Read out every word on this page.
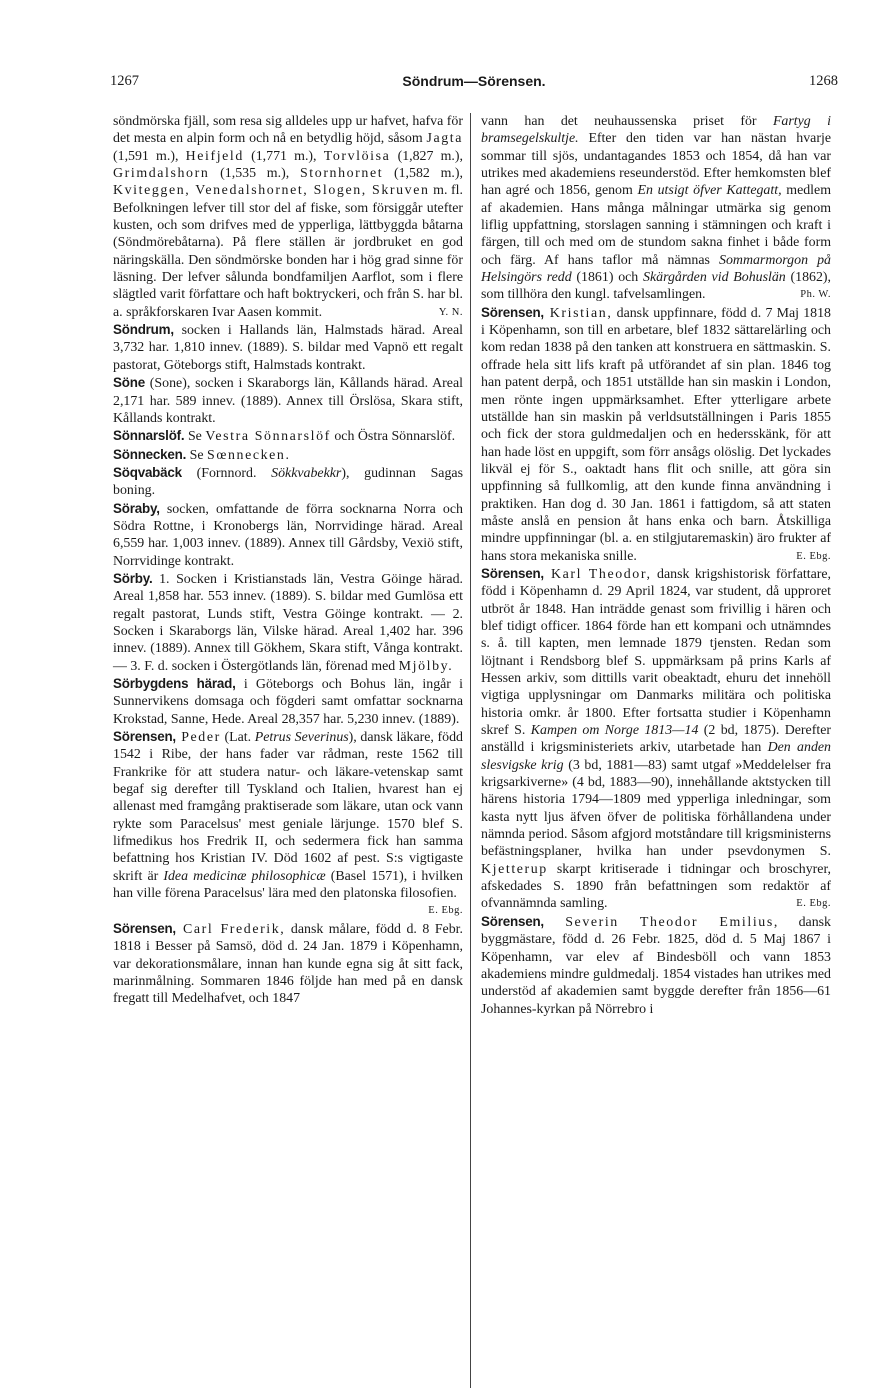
1267	Söndrum—Sörensen.	1268

söndmörska fjäll, som resa sig alldeles upp ur hafvet, hafva för det mesta en alpin form och nå en betydlig höjd, såsom Jagta (1,591 m.), Heifjeld (1,771 m.), Torvlöisa (1,827 m.), Grimdalshorn (1,535 m.), Stornhornet (1,582 m.), Kviteggen, Venedalshornet, Slogen, Skruven m. fl. Befolkningen lefver till stor del af fiske, som försiggår utefter kusten, och som drifves med de ypperliga, lättbyggda båtarna (Söndmörebåtarna). På flere ställen är jordbruket en god näringskälla. Den söndmörske bonden har i hög grad sinne för läsning. Der lefver sålunda bondfamiljen Aarflot, som i flere slägtled varit författare och haft boktryckeri, och från S. har bl. a. språkforskaren Ivar Aasen kommit.	Y. N.

Söndrum, socken i Hallands län, Halmstads härad. Areal 3,732 har. 1,810 innev. (1889). S. bildar med Vapnö ett regalt pastorat, Göteborgs stift, Halmstads kontrakt.

Söne (Sone), socken i Skaraborgs län, Kållands härad. Areal 2,171 har. 589 innev. (1889). Annex till Örslösa, Skara stift, Kållands kontrakt.

Sönnarslöf. Se Vestra Sönnarslöf och Östra Sönnarslöf.

Sönnecken. Se Sœnnecken.

Söqvabäck (Fornnord. Sökkvabekkr), gudinnan Sagas boning.

Söraby, socken, omfattande de förra socknarna Norra och Södra Rottne, i Kronobergs län, Norrvidinge härad. Areal 6,559 har. 1,003 innev. (1889). Annex till Gårdsby, Vexiö stift, Norrvidinge kontrakt.

Sörby. 1. Socken i Kristianstads län, Vestra Göinge härad. Areal 1,858 har. 553 innev. (1889). S. bildar med Gumlösa ett regalt pastorat, Lunds stift, Vestra Göinge kontrakt. — 2. Socken i Skaraborgs län, Vilske härad. Areal 1,402 har. 396 innev. (1889). Annex till Gökhem, Skara stift, Vånga kontrakt. — 3. F. d. socken i Östergötlands län, förenad med Mjölby.

Sörbygdens härad, i Göteborgs och Bohus län, ingår i Sunnervikens domsaga och fögderi samt omfattar socknarna Krokstad, Sanne, Hede. Areal 28,357 har. 5,230 innev. (1889).

Sörensen, Peder (Lat. Petrus Severinus), dansk läkare, född 1542 i Ribe, der hans fader var rådman, reste 1562 till Frankrike för att studera natur- och läkare-vetenskap samt begaf sig derefter till Tyskland och Italien, hvarest han ej allenast med framgång praktiserade som läkare, utan ock vann rykte som Paracelsus' mest geniale lärjunge. 1570 blef S. lifmedikus hos Fredrik II, och sedermera fick han samma befattning hos Kristian IV. Död 1602 af pest. S:s vigtigaste skrift är Idea medicinæ philosophicæ (Basel 1571), i hvilken han ville förena Paracelsus' lära med den platonska filosofien.
E. Ebg.

Sörensen, Carl Frederik, dansk målare, född d. 8 Febr. 1818 i Besser på Samsö, död d. 24 Jan. 1879 i Köpenhamn, var dekorationsmålare, innan han kunde egna sig åt sitt fack, marinmålning. Sommaren 1846 följde han med på en dansk fregatt till Medelhafvet, och 1847

vann han det neuhaussenska priset för Fartyg i bramsegelskultje. Efter den tiden var han nästan hvarje sommar till sjös, undantagandes 1853 och 1854, då han var utrikes med akademiens reseunderstöd. Efter hemkomsten blef han agré och 1856, genom En utsigt öfver Kattegatt, medlem af akademien. Hans många målningar utmärka sig genom liflig uppfattning, storslagen sanning i stämningen och kraft i färgen, till och med om de stundom sakna finhet i både form och färg. Af hans taflor må nämnas Sommarmorgon på Helsingörs redd (1861) och Skärgården vid Bohuslän (1862), som tillhöra den kungl. tafvelsamlingen.	Ph. W.

Sörensen, Kristian, dansk uppfinnare, född d. 7 Maj 1818 i Köpenhamn, son till en arbetare, blef 1832 sättarelärling och kom redan 1838 på den tanken att konstruera en sättmaskin. S. offrade hela sitt lifs kraft på utförandet af sin plan. 1846 tog han patent derpå, och 1851 utställde han sin maskin i London, men rönte ingen uppmärksamhet. Efter ytterligare arbete utställde han sin maskin på verldsutställningen i Paris 1855 och fick der stora guldmedaljen och en hedersskänk, för att han hade löst en uppgift, som förr ansågs olöslig. Det lyckades likväl ej för S., oaktadt hans flit och snille, att göra sin uppfinning så fullkomlig, att den kunde finna användning i praktiken. Han dog d. 30 Jan. 1861 i fattigdom, så att staten måste anslå en pension åt hans enka och barn. Åtskilliga mindre uppfinningar (bl. a. en stilgjutaremaskin) äro frukter af hans stora mekaniska snille.	E. Ebg.

Sörensen, Karl Theodor, dansk krigshistorisk författare, född i Köpenhamn d. 29 April 1824, var student, då upproret utbröt år 1848. Han inträdde genast som frivillig i hären och blef tidigt officer. 1864 förde han ett kompani och utnämndes s. å. till kapten, men lemnade 1879 tjensten. Redan som löjtnant i Rendsborg blef S. uppmärksam på prins Karls af Hessen arkiv, som dittills varit obeaktadt, ehuru det innehöll vigtiga upplysningar om Danmarks militära och politiska historia omkr. år 1800. Efter fortsatta studier i Köpenhamn skref S. Kampen om Norge 1813—14 (2 bd, 1875). Derefter anställd i krigsministeriets arkiv, utarbetade han Den anden slesvigske krig (3 bd, 1881—83) samt utgaf »Meddelelser fra krigsarkiverne» (4 bd, 1883—90), innehållande aktstycken till härens historia 1794—1809 med ypperliga inledningar, som kasta nytt ljus äfven öfver de politiska förhållandena under nämnda period. Såsom afgjord motståndare till krigsministerns befästningsplaner, hvilka han under psevdonymen S. Kjetterup skarpt kritiserade i tidningar och broschyrer, afskedades S. 1890 från befattningen som redaktör af ofvannämnda samling.	E. Ebg.

Sörensen, Severin Theodor Emilius, dansk byggmästare, född d. 26 Febr. 1825, död d. 5 Maj 1867 i Köpenhamn, var elev af Bindesböll och vann 1853 akademiens mindre guldmedalj. 1854 vistades han utrikes med understöd af akademien samt byggde derefter från 1856—61 Johannes-kyrkan på Nörrebro i
